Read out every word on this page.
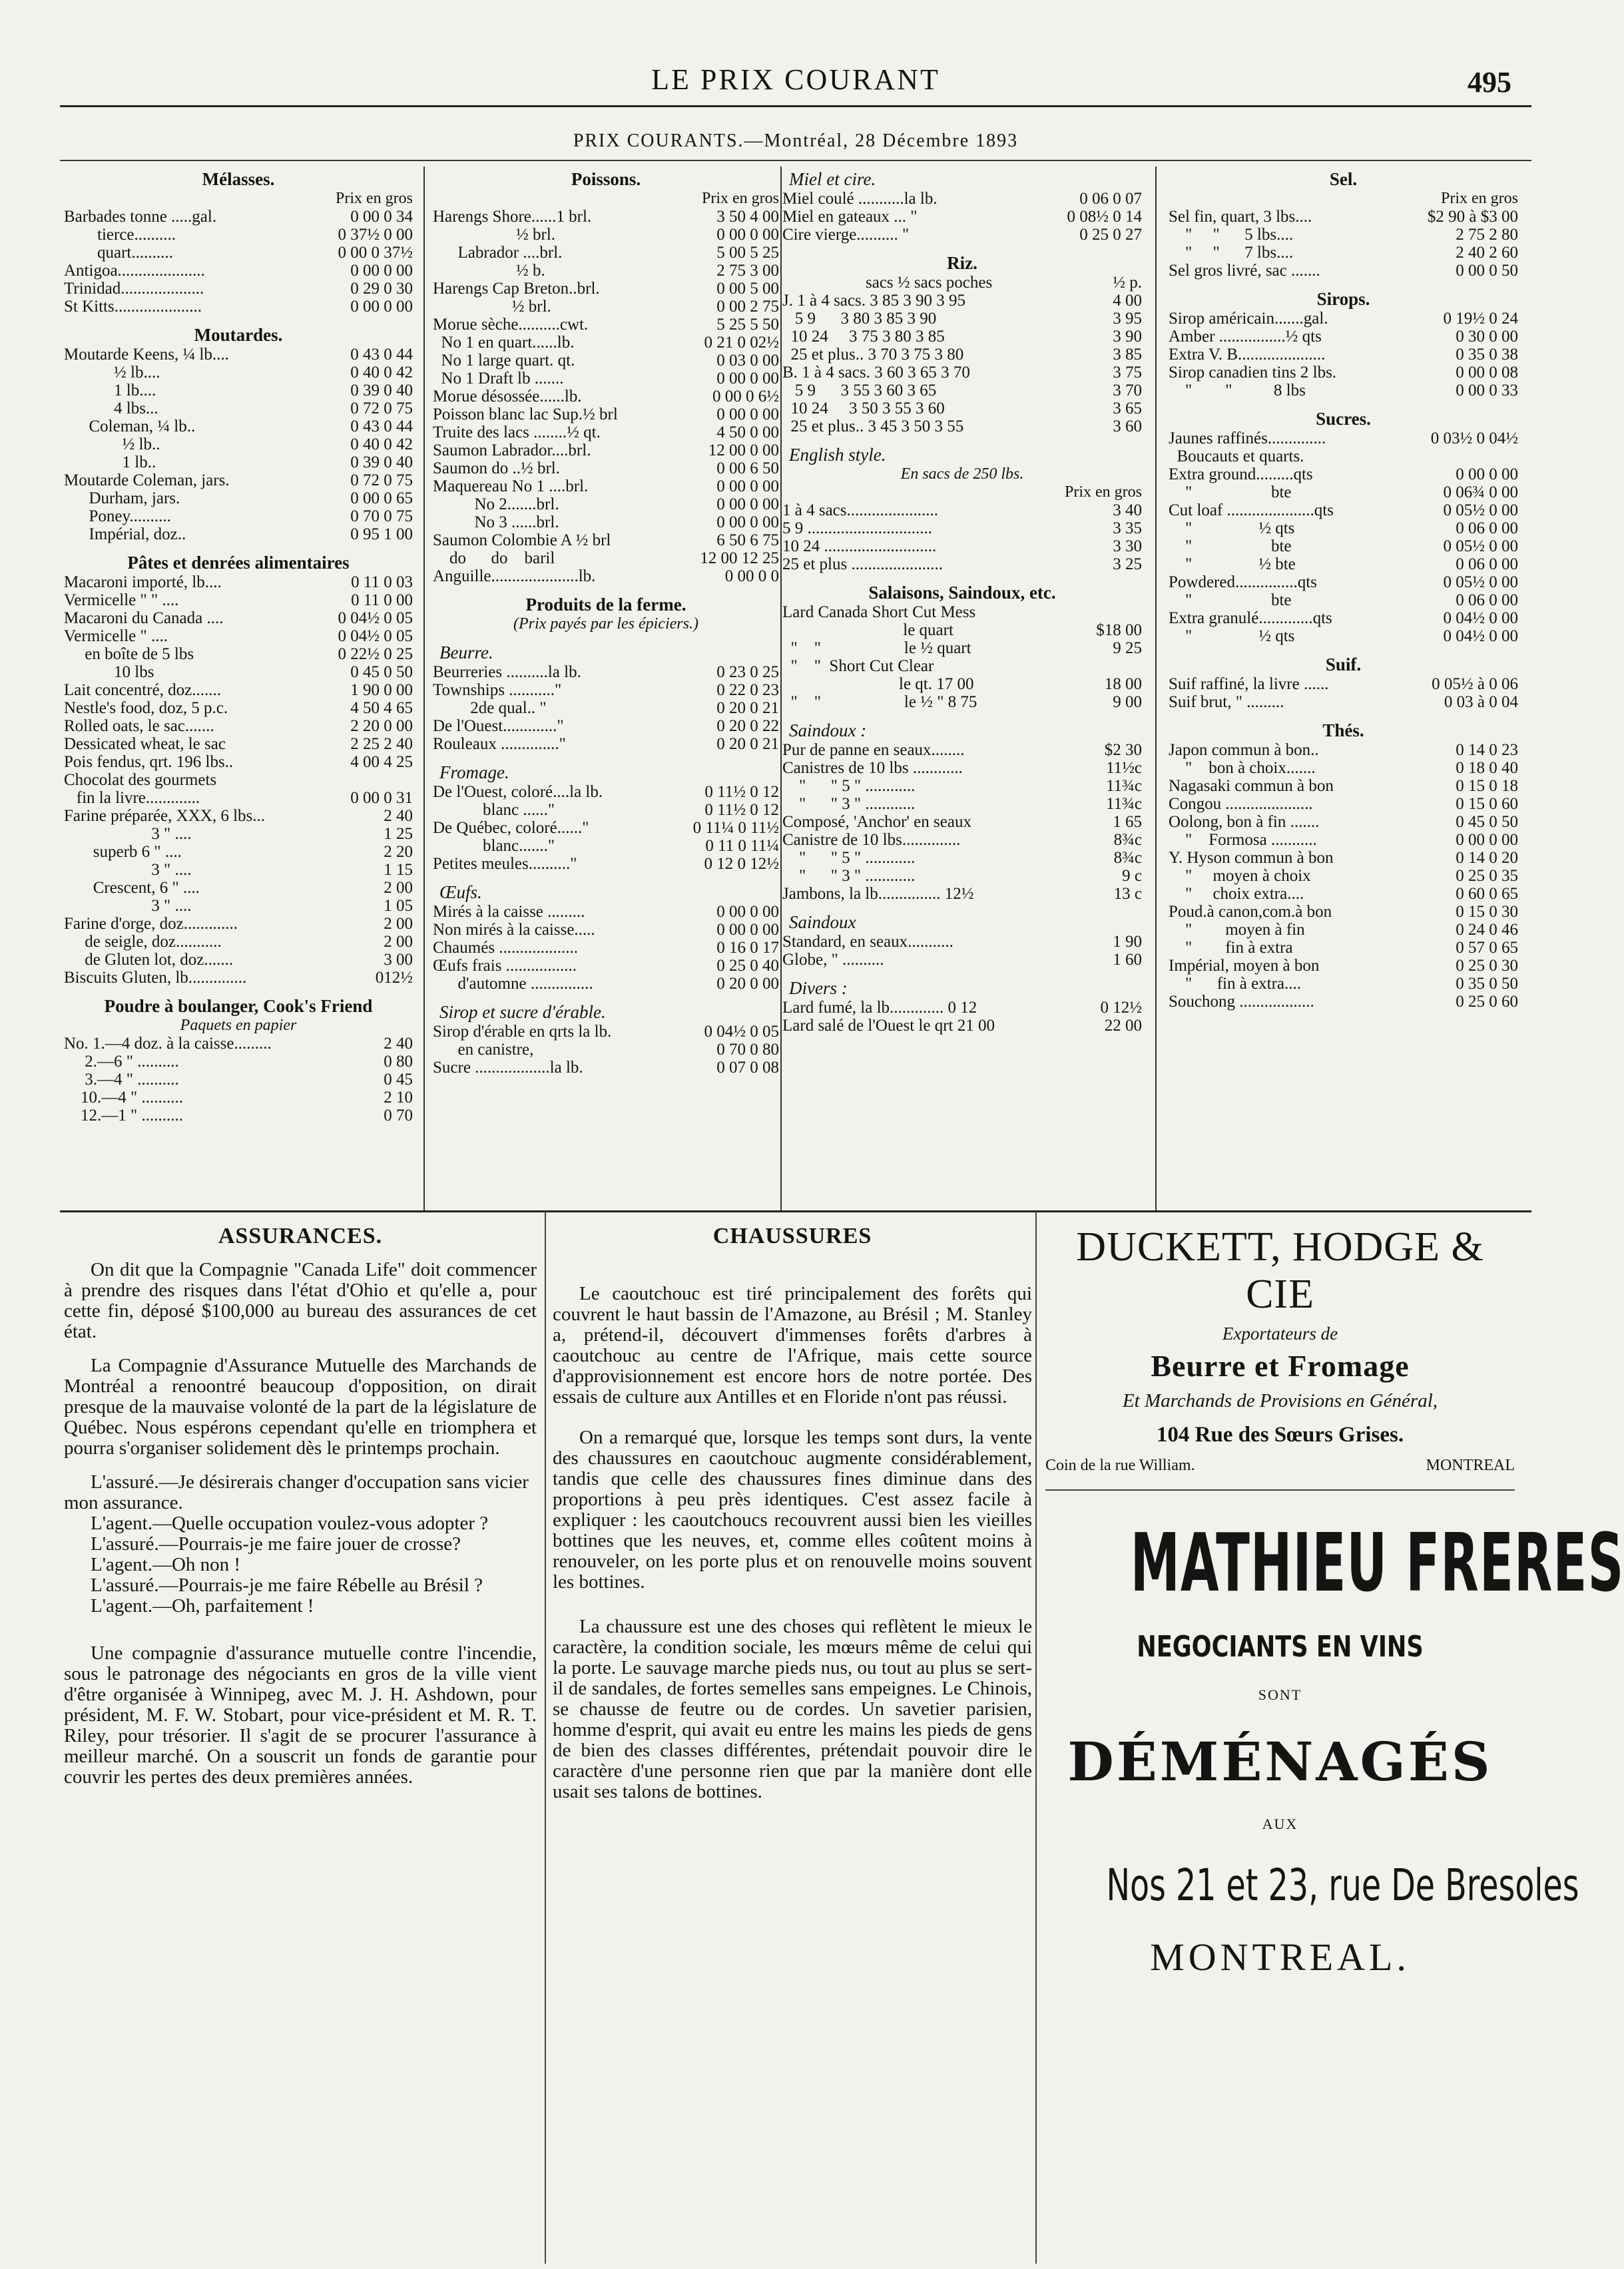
LE PRIX COURANT	495
PRIX COURANTS.—Montréal, 28 Décembre 1893
Mélasses.
Prix en gros
Barbades tonne .....gal.	0 00 0 34
tierce..........	0 37½ 0 00
quart..........	0 00 0 37½
Antigoa.....................	0 00 0 00
Trinidad....................	0 29 0 30
St Kitts.....................	0 00 0 00
Moutardes.
Moutarde Keens, ¼ lb....	0 43 0 44
½ lb....	0 40 0 42
1 lb....	0 39 0 40
4 lbs...	0 72 0 75
Coleman, ¼ lb..	0 43 0 44
½ lb..	0 40 0 42
1 lb..	0 39 0 40
Moutarde Coleman, jars.	0 72 0 75
Durham, jars.	0 00 0 65
Poney..........	0 70 0 75
Impérial, doz..	0 95 1 00
Pâtes et denrées alimentaires
Macaroni importé, lb....	0 11 0 03
Vermicelle " " ....	0 11 0 00
Macaroni du Canada ....	0 04½ 0 05
Vermicelle " ....	0 04½ 0 05
en boîte de 5 lbs	0 22½ 0 25
10 lbs	0 45 0 50
Lait concentré, doz.......	1 90 0 00
Nestle's food, doz, 5 p.c.	4 50 4 65
Rolled oats, le sac.......	2 20 0 00
Dessicated wheat, le sac	2 25 2 40
Pois fendus, qrt. 196 lbs..	4 00 4 25
Chocolat des gourmets
fin la livre.............	0 00 0 31
Farine préparée, XXX, 6 lbs...	2 40
3 " ....	1 25
superb 6 " ....	2 20
3 " ....	1 15
Crescent, 6 " ....	2 00
3 " ....	1 05
Farine d'orge, doz.............	2 00
de seigle, doz...........	2 00
de Gluten lot, doz.......	3 00
Biscuits Gluten, lb..............	012½
Poudre à boulanger, Cook's Friend
Paquets en papier
No. 1.—4 doz. à la caisse.........	2 40
2.—6 " ..........	0 80
3.—4 " ..........	0 45
10.—4 " ..........	2 10
12.—1 " ..........	0 70
Poissons.
Prix en gros
Harengs Shore......1 brl.	3 50 4 00
½ brl.	0 00 0 00
Labrador ....brl.	5 00 5 25
½ b.	2 75 3 00
Harengs Cap Breton..brl.	0 00 5 00
½ brl.	0 00 2 75
Morue sèche..........cwt.	5 25 5 50
No 1 en quart......lb.	0 21 0 02½
No 1 large quart. qt.	0 03 0 00
No 1 Draft lb .......	0 00 0 00
Morue désossée......lb.	0 00 0 6½
Poisson blanc lac Sup.½ brl	0 00 0 00
Truite des lacs ........½ qt.	4 50 0 00
Saumon Labrador....brl.	12 00 0 00
Saumon do ..½ brl.	0 00 6 50
Maquereau No 1 ....brl.	0 00 0 00
No 2.......brl.	0 00 0 00
No 3 ......brl.	0 00 0 00
Saumon Colombie A ½ brl	6 50 6 75
do      do    baril	12 00 12 25
Anguille.....................lb.	0 00 0 0
Produits de la ferme.
(Prix payés par les épiciers.)
Beurre.
Beurreries ..........la lb.	0 23 0 25
Townships ..........."	0 22 0 23
2de qual.. "	0 20 0 21
De l'Ouest............."	0 20 0 22
Rouleaux .............."	0 20 0 21
Fromage.
De l'Ouest, coloré....la lb.	0 11½ 0 12
blanc ......"	0 11½ 0 12
De Québec, coloré......"	0 11¼ 0 11½
blanc......."	0 11 0 11¼
Petites meules.........."	0 12 0 12½
Œufs.
Mirés à la caisse .........	0 00 0 00
Non mirés à la caisse.....	0 00 0 00
Chaumés ...................	0 16 0 17
Œufs frais .................	0 25 0 40
d'automne ...............	0 20 0 00
Sirop et sucre d'érable.
Sirop d'érable en qrts la lb.	0 04½ 0 05
en canistre,	0 70 0 80
Sucre ..................la lb.	0 07 0 08
Miel et cire.
Miel coulé ...........la lb.	0 06 0 07
Miel en gateaux ... "	0 08½ 0 14
Cire vierge.......... "	0 25 0 27
Riz.
sacs ½ sacs poches	½ p.
J. 1 à 4 sacs. 3 85 3 90 3 95	4 00
5 9      3 80 3 85 3 90	3 95
10 24     3 75 3 80 3 85	3 90
25 et plus.. 3 70 3 75 3 80	3 85
B. 1 à 4 sacs. 3 60 3 65 3 70	3 75
5 9      3 55 3 60 3 65	3 70
10 24     3 50 3 55 3 60	3 65
25 et plus.. 3 45 3 50 3 55	3 60
English style.
En sacs de 250 lbs.
Prix en gros
1 à 4 sacs......................	3 40
5 9 ..............................	3 35
10 24 ...........................	3 30
25 et plus ......................	3 25
Salaisons, Saindoux, etc.
Lard Canada Short Cut Mess
le quart	$18 00
"    "                    le ½ quart	9 25
"    "  Short Cut Clear
le qt. 17 00	18 00
"    "                    le ½ " 8 75	9 00
Saindoux :
Pur de panne en seaux........	$2 30
Canistres de 10 lbs ............	11½c
"      " 5 " ............	11¾c
"      " 3 " ............	11¾c
Composé, 'Anchor' en seaux	1 65
Canistre de 10 lbs..............	8¾c
"      " 5 " ............	8¾c
"      " 3 " ............	9 c
Jambons, la lb............... 12½	13 c
Saindoux
Standard, en seaux...........	1 90
Globe, " ..........	1 60
Divers :
Lard fumé, la lb............. 0 12	0 12½
Lard salé de l'Ouest le qrt 21 00	22 00
Sel.
Prix en gros
Sel fin, quart, 3 lbs....	$2 90 à $3 00
"     "      5 lbs....	2 75 2 80
"     "      7 lbs....	2 40 2 60
Sel gros livré, sac .......	0 00 0 50
Sirops.
Sirop américain.......gal.	0 19½ 0 24
Amber ................½ qts	0 30 0 00
Extra V. B.....................	0 35 0 38
Sirop canadien tins 2 lbs.	0 00 0 08
"        "          8 lbs	0 00 0 33
Sucres.
Jaunes raffinés..............	0 03½ 0 04½
Boucauts et quarts.
Extra ground.........qts	0 00 0 00
"                   bte	0 06¾ 0 00
Cut loaf .....................qts	0 05½ 0 00
"                ½ qts	0 06 0 00
"                   bte	0 05½ 0 00
"                ½ bte	0 06 0 00
Powdered...............qts	0 05½ 0 00
"                   bte	0 06 0 00
Extra granulé.............qts	0 04½ 0 00
"                ½ qts	0 04½ 0 00
Suif.
Suif raffiné, la livre ......	0 05½ à 0 06
Suif brut, " .........	0 03 à 0 04
Thés.
Japon commun à bon..	0 14 0 23
"    bon à choix.......	0 18 0 40
Nagasaki commun à bon	0 15 0 18
Congou .....................	0 15 0 60
Oolong, bon à fin .......	0 45 0 50
"    Formosa ...........	0 00 0 00
Y. Hyson commun à bon	0 14 0 20
"     moyen à choix	0 25 0 35
"     choix extra....	0 60 0 65
Poud.à canon,com.à bon	0 15 0 30
"        moyen à fin	0 24 0 46
"        fin à extra	0 57 0 65
Impérial, moyen à bon	0 25 0 30
"      fin à extra....	0 35 0 50
Souchong ..................	0 25 0 60
ASSURANCES.

On dit que la Compagnie "Canada Life" doit commencer à prendre des risques dans l'état d'Ohio et qu'elle a, pour cette fin, déposé $100,000 au bureau des assurances de cet état.

La Compagnie d'Assurance Mutuelle des Marchands de Montréal a renoontré beaucoup d'opposition, on dirait presque de la mauvaise volonté de la part de la législature de Québec. Nous espérons cependant qu'elle en triomphera et pourra s'organiser solidement dès le printemps prochain.

L'assuré.—Je désirerais changer d'occupation sans vicier mon assurance.

L'agent.—Quelle occupation voulez-vous adopter ?

L'assuré.—Pourrais-je me faire jouer de crosse?

L'agent.—Oh non !

L'assuré.—Pourrais-je me faire Rébelle au Brésil ?

L'agent.—Oh, parfaitement !

Une compagnie d'assurance mutuelle contre l'incendie, sous le patronage des négociants en gros de la ville vient d'être organisée à Winnipeg, avec M. J. H. Ashdown, pour président, M. F. W. Stobart, pour vice-président et M. R. T. Riley, pour trésorier. Il s'agit de se procurer l'assurance à meilleur marché. On a souscrit un fonds de garantie pour couvrir les pertes des deux premières années.

CHAUSSURES

Le caoutchouc est tiré principalement des forêts qui couvrent le haut bassin de l'Amazone, au Brésil ; M. Stanley a, prétend-il, découvert d'immenses forêts d'arbres à caoutchouc au centre de l'Afrique, mais cette source d'approvisionnement est encore hors de notre portée. Des essais de culture aux Antilles et en Floride n'ont pas réussi.

On a remarqué que, lorsque les temps sont durs, la vente des chaussures en caoutchouc augmente considérablement, tandis que celle des chaussures fines diminue dans des proportions à peu près identiques. C'est assez facile à expliquer : les caoutchoucs recouvrent aussi bien les vieilles bottines que les neuves, et, comme elles coûtent moins à renouveler, on les porte plus et on renouvelle moins souvent les bottines.

La chaussure est une des choses qui reflètent le mieux le caractère, la condition sociale, les mœurs même de celui qui la porte. Le sauvage marche pieds nus, ou tout au plus se sert-il de sandales, de fortes semelles sans empeignes. Le Chinois, se chausse de feutre ou de cordes. Un savetier parisien, homme d'esprit, qui avait eu entre les mains les pieds de gens de bien des classes différentes, prétendait pouvoir dire le caractère d'une personne rien que par la manière dont elle usait ses talons de bottines.

DUCKETT, HODGE & CIE
Exportateurs de
Beurre et Fromage
Et Marchands de Provisions en Général,
104 Rue des Sœurs Grises.
Coin de la rue William.	MONTREAL
MATHIEU FRERES
NEGOCIANTS EN VINS
SONT
DÉMÉNAGÉS
AUX
Nos 21 et 23, rue De Bresoles
MONTREAL.
